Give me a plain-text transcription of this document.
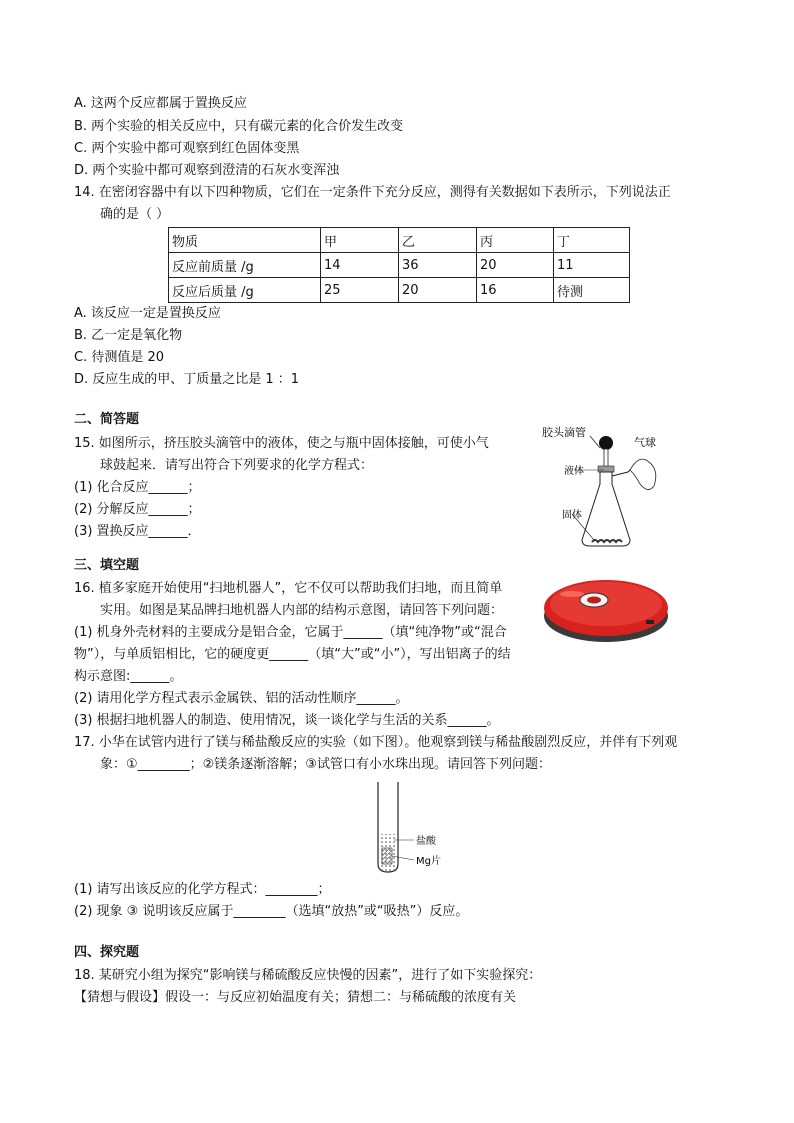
A. 这两个反应都属于置换反应
B. 两个实验的相关反应中，只有碳元素的化合价发生改变
C. 两个实验中都可观察到红色固体变黑
D. 两个实验中都可观察到澄清的石灰水变浑浊
14. 在密闭容器中有以下四种物质，它们在一定条件下充分反应，测得有关数据如下表所示，下列说法正
确的是（ ）
物质	甲	乙	丙	丁
反应前质量 /g	14	36	20	11
反应后质量 /g	25	20	16	待测
A. 该反应一定是置换反应
B. 乙一定是氧化物
C. 待测值是 20
D. 反应生成的甲、丁质量之比是 1 ：1
二、简答题
15. 如图所示，挤压胶头滴管中的液体，使之与瓶中固体接触，可使小气
球鼓起来．请写出符合下列要求的化学方程式：
(1) 化合反应______；
(2) 分解反应______；
(3) 置换反应______．
胶头滴管
气球
液体
固体
三、填空题
16. 植多家庭开始使用“扫地机器人”，它不仅可以帮助我们扫地，而且简单
实用。如图是某品牌扫地机器人内部的结构示意图，请回答下列问题：
(1) 机身外壳材料的主要成分是铝合金，它属于______（填“纯净物”或“混合
物”），与单质铝相比，它的硬度更______（填“大”或“小”），写出铝离子的结
构示意图:______。
(2) 请用化学方程式表示金属铁、铝的活动性顺序______。
(3) 根据扫地机器人的制造、使用情况，谈一谈化学与生活的关系______。
17. 小华在试管内进行了镁与稀盐酸反应的实验（如下图）。他观察到镁与稀盐酸剧烈反应，并伴有下列观
象：①________；②镁条逐渐溶解；③试管口有小水珠出现。请回答下列问题：
盐酸
Mg片
(1) 请写出该反应的化学方程式：________；
(2) 现象 ③ 说明该反应属于________（选填“放热”或“吸热”）反应。
四、探究题
18. 某研究小组为探究“影响镁与稀硫酸反应快慢的因素”，进行了如下实验探究：
【猜想与假设】假设一：与反应初始温度有关；猜想二：与稀硫酸的浓度有关
